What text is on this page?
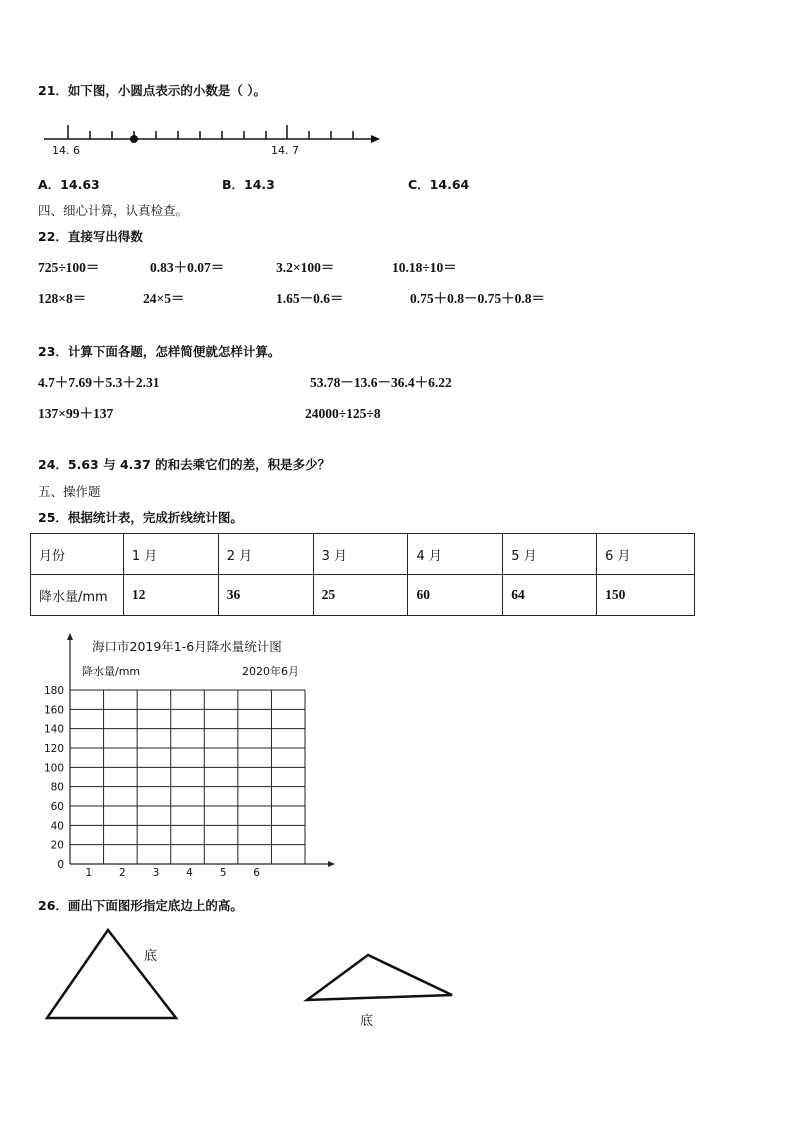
21．如下图，小圆点表示的小数是（ ）。
14. 6	14. 7
A．14.63	B．14.3	C．14.64
四、细心计算，认真检查。
22．直接写出得数
725÷100＝	0.83＋0.07＝	3.2×100＝	10.18÷10＝
128×8＝	24×5＝	1.65－0.6＝	0.75＋0.8－0.75＋0.8＝
23．计算下面各题，怎样简便就怎样计算。
4.7＋7.69＋5.3＋2.31	53.78－13.6－36.4＋6.22
137×99＋137	24000÷125÷8
24．5.63 与 4.37 的和去乘它们的差，积是多少？
五、操作题
25．根据统计表，完成折线统计图。
月份	1 月	2 月	3 月	4 月	5 月	6 月
降水量/mm	12	36	25	60	64	150
0
20
40
60
80
100
120
140
160
180
1	2	3	4	5	6
海口市2019年1-6月降水量统计图
降水量/mm	2020年6月
26．画出下面图形指定底边上的高。
底
底
